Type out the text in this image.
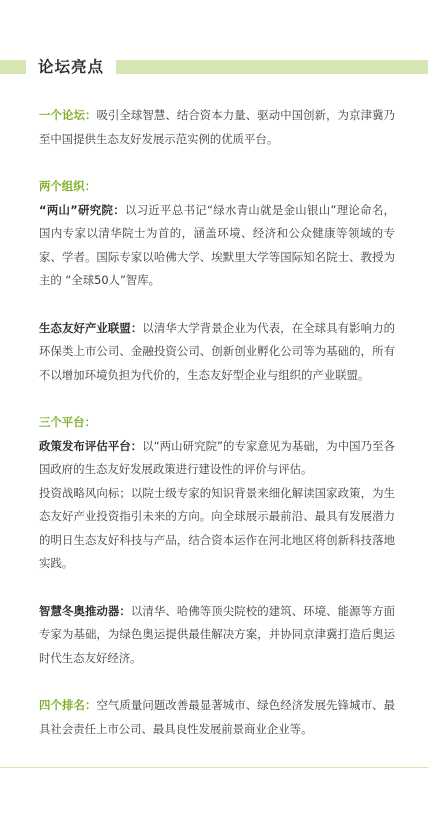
论坛亮点

一个论坛：吸引全球智慧、结合资本力量、驱动中国创新，为京津冀乃至中国提供生态友好发展示范实例的优质平台。

两个组织：

“两山”研究院：以习近平总书记“绿水青山就是金山银山”理论命名，国内专家以清华院士为首的，涵盖环境、经济和公众健康等领域的专家、学者。国际专家以哈佛大学、埃默里大学等国际知名院士、教授为主的 “全球50人”智库。

生态友好产业联盟：以清华大学背景企业为代表，在全球具有影响力的环保类上市公司、金融投资公司、创新创业孵化公司等为基础的，所有不以增加环境负担为代价的，生态友好型企业与组织的产业联盟。

三个平台：

政策发布评估平台：以“两山研究院”的专家意见为基础，为中国乃至各国政府的生态友好发展政策进行建设性的评价与评估。

投资战略风向标；以院士级专家的知识背景来细化解读国家政策，为生态友好产业投资指引未来的方向。向全球展示最前沿、最具有发展潜力的明日生态友好科技与产品，结合资本运作在河北地区将创新科技落地实践。

智慧冬奥推动器：以清华、哈佛等顶尖院校的建筑、环境、能源等方面专家为基础，为绿色奥运提供最佳解决方案，并协同京津冀打造后奥运时代生态友好经济。

四个排名：空气质量问题改善最显著城市、绿色经济发展先锋城市、最具社会责任上市公司、最具良性发展前景商业企业等。
